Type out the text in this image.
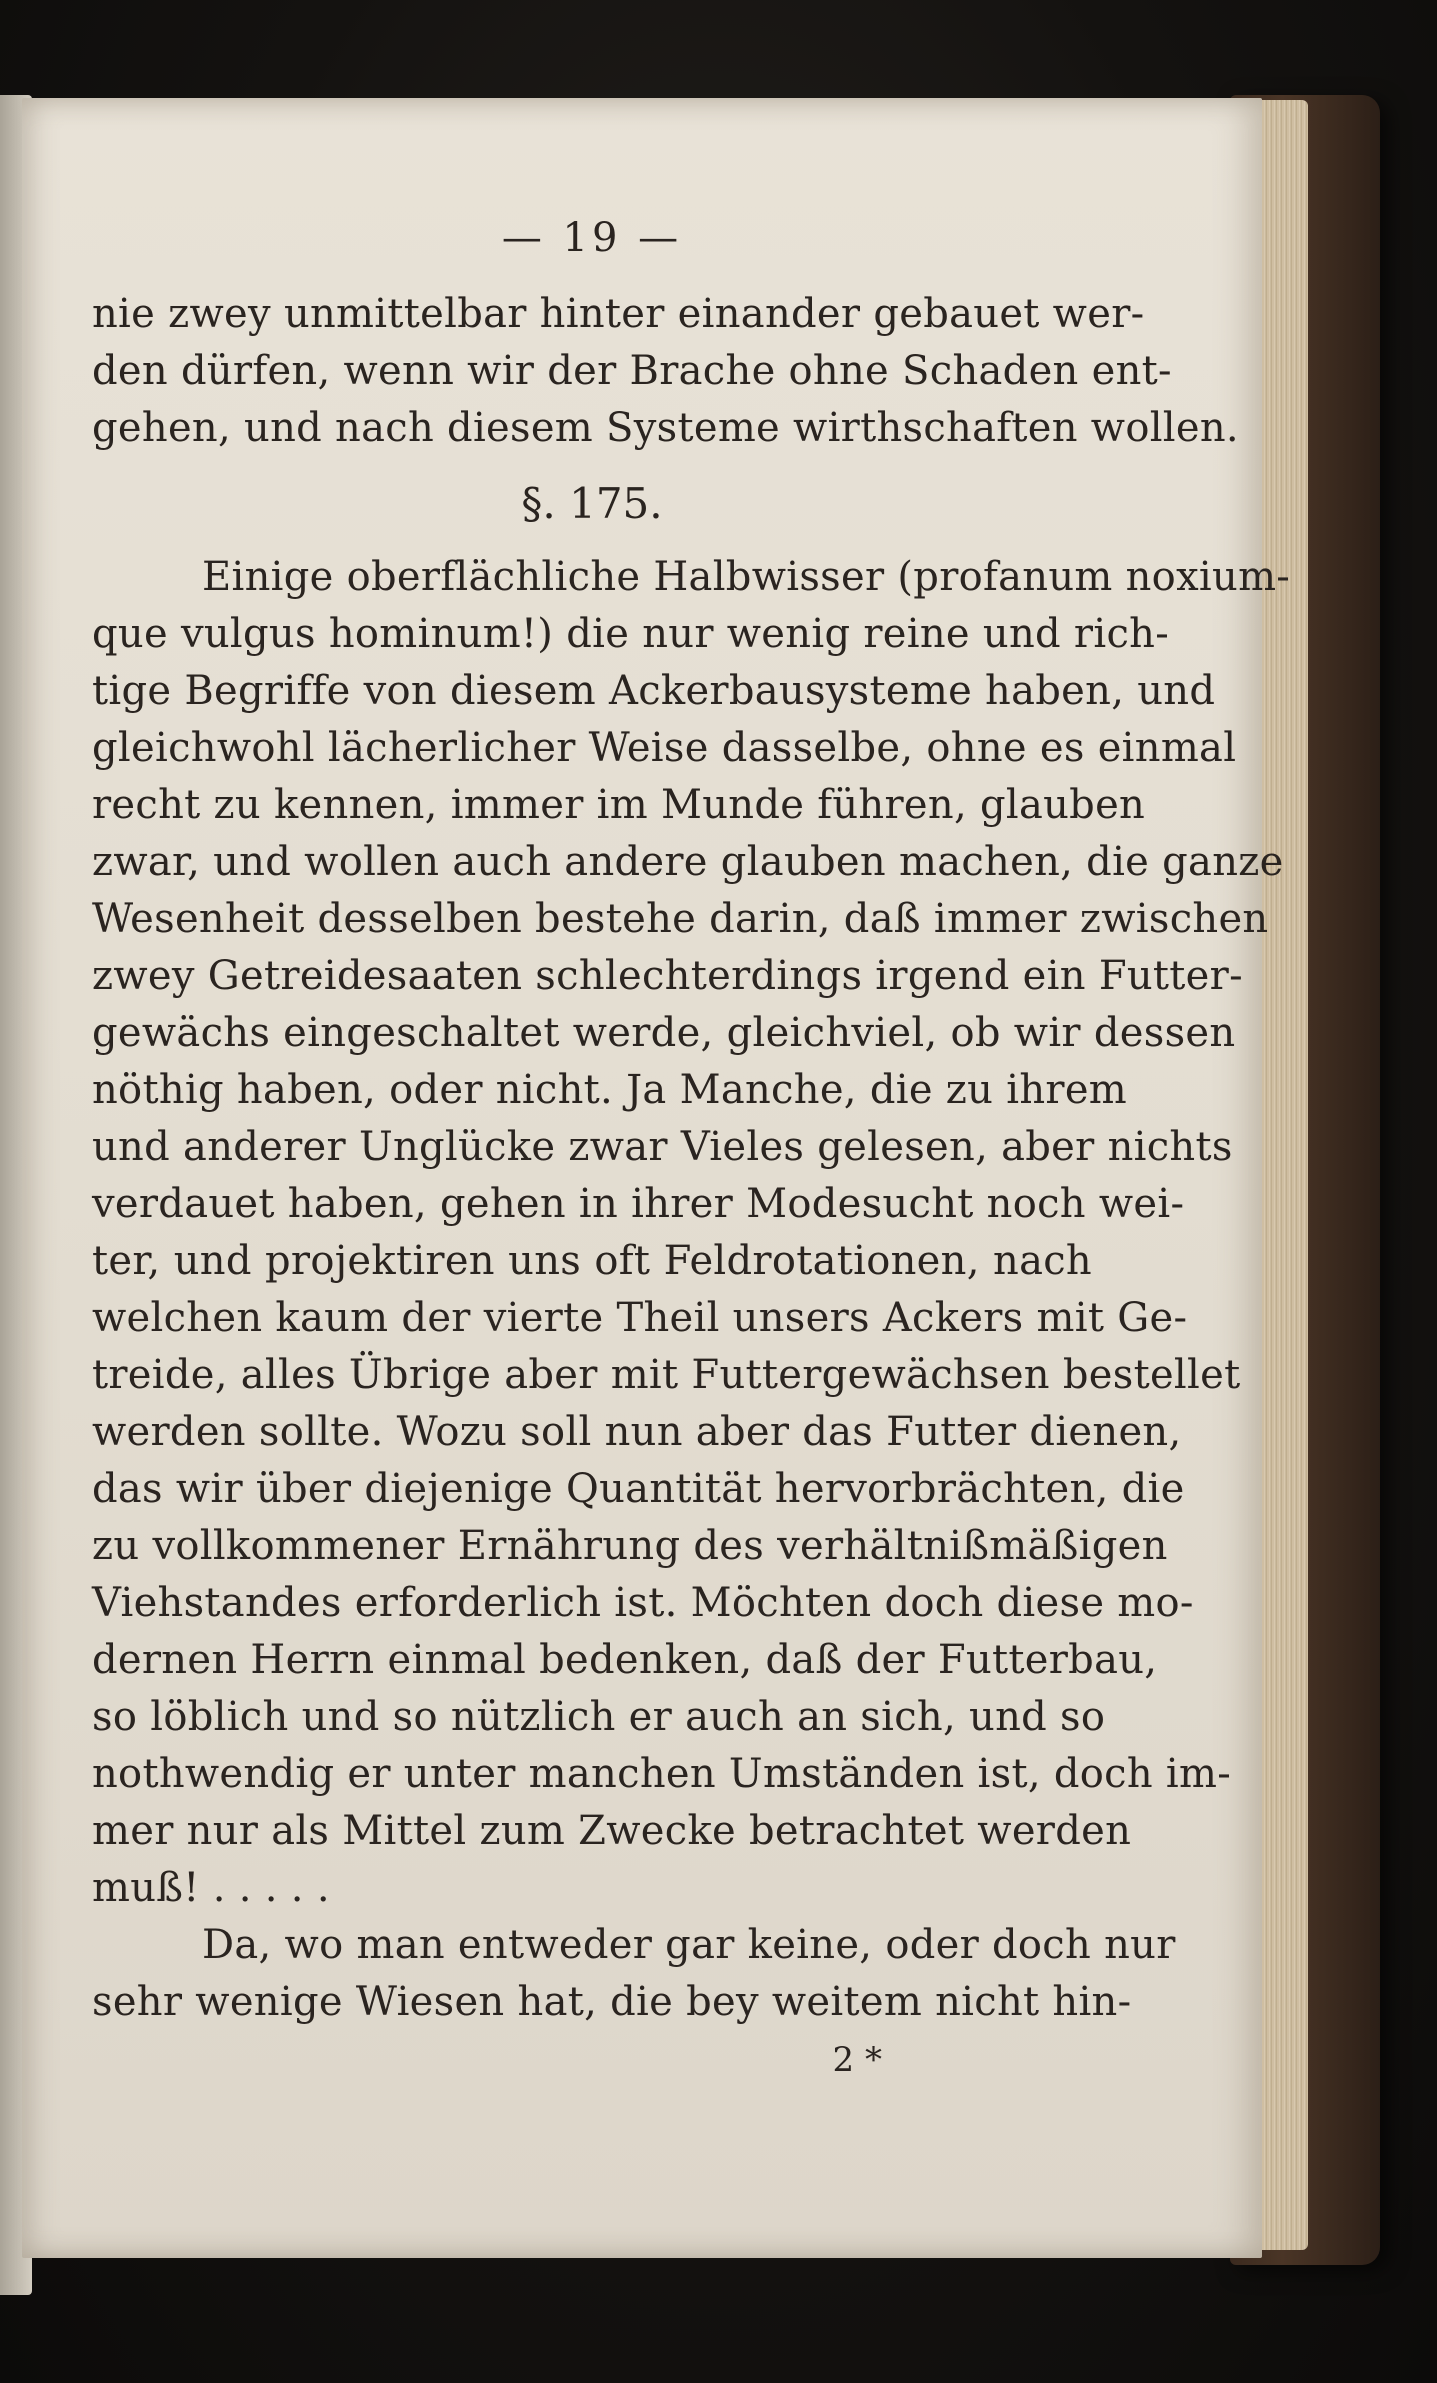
— 19 —
nie zwey unmittelbar hinter einander gebauet wer-
den dürfen, wenn wir der Brache ohne Schaden ent-
gehen, und nach diesem Systeme wirthschaften wollen.
§. 175.
Einige oberflächliche Halbwisser (profanum noxium-
que vulgus hominum!) die nur wenig reine und rich-
tige Begriffe von diesem Ackerbausysteme haben, und
gleichwohl lächerlicher Weise dasselbe, ohne es einmal
recht zu kennen, immer im Munde führen, glauben
zwar, und wollen auch andere glauben machen, die ganze
Wesenheit desselben bestehe darin, daß immer zwischen
zwey Getreidesaaten schlechterdings irgend ein Futter-
gewächs eingeschaltet werde, gleichviel, ob wir dessen
nöthig haben, oder nicht. Ja Manche, die zu ihrem
und anderer Unglücke zwar Vieles gelesen, aber nichts
verdauet haben, gehen in ihrer Modesucht noch wei-
ter, und projektiren uns oft Feldrotationen, nach
welchen kaum der vierte Theil unsers Ackers mit Ge-
treide, alles Übrige aber mit Futtergewächsen bestellet
werden sollte. Wozu soll nun aber das Futter dienen,
das wir über diejenige Quantität hervorbrächten, die
zu vollkommener Ernährung des verhältnißmäßigen
Viehstandes erforderlich ist. Möchten doch diese mo-
dernen Herrn einmal bedenken, daß der Futterbau,
so löblich und so nützlich er auch an sich, und so
nothwendig er unter manchen Umständen ist, doch im-
mer nur als Mittel zum Zwecke betrachtet werden
muß! . . . . .
Da, wo man entweder gar keine, oder doch nur
sehr wenige Wiesen hat, die bey weitem nicht hin-
2 *
